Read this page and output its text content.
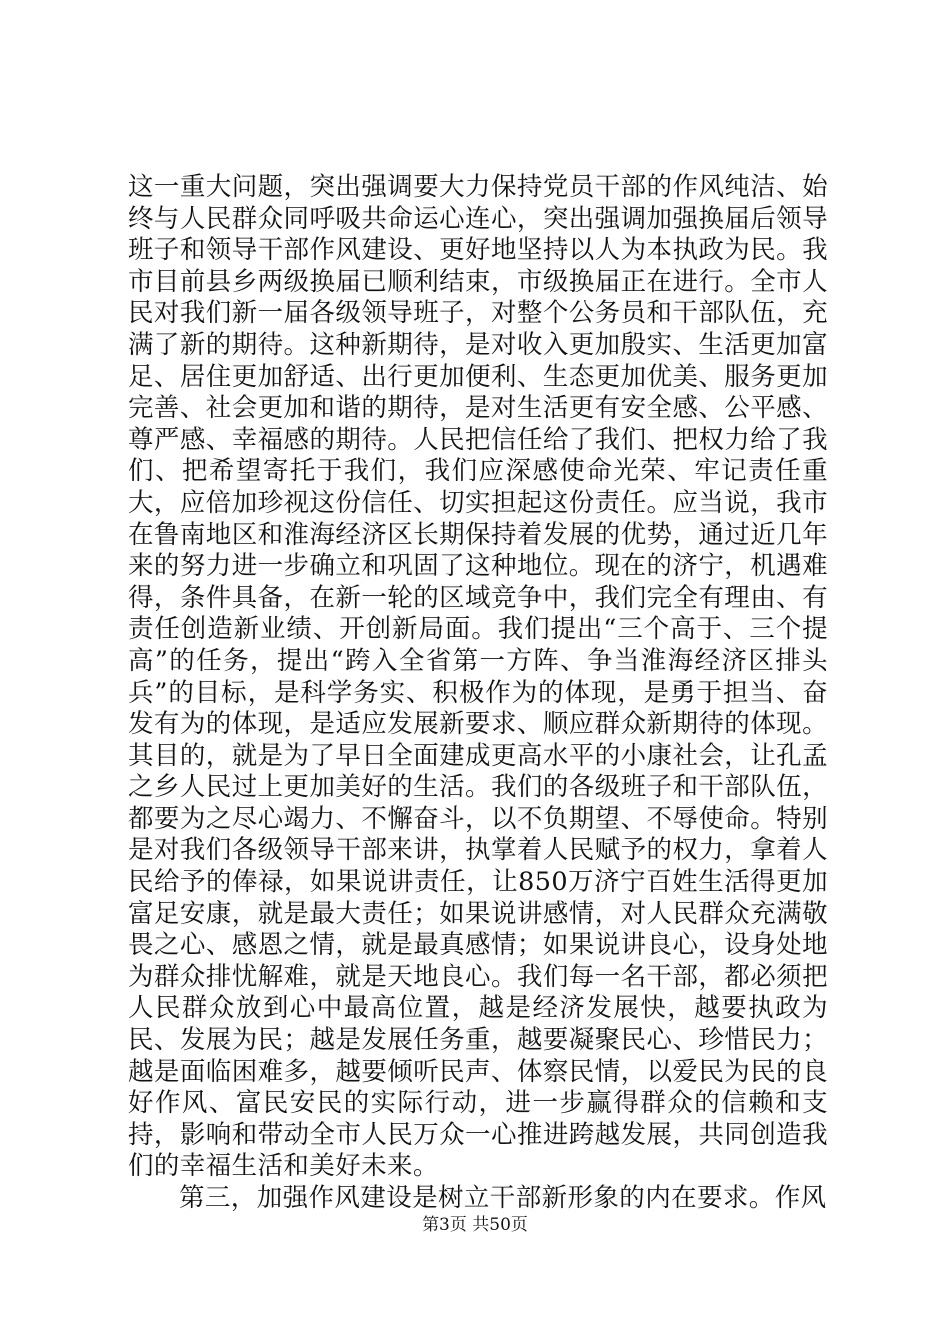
这一重大问题，突出强调要大力保持党员干部的作风纯洁、始终与人民群众同呼吸共命运心连心，突出强调加强换届后领导班子和领导干部作风建设、更好地坚持以人为本执政为民。我市目前县乡两级换届已顺利结束，市级换届正在进行。全市人民对我们新一届各级领导班子，对整个公务员和干部队伍，充满了新的期待。这种新期待，是对收入更加殷实、生活更加富足、居住更加舒适、出行更加便利、生态更加优美、服务更加完善、社会更加和谐的期待，是对生活更有安全感、公平感、尊严感、幸福感的期待。人民把信任给了我们、把权力给了我们、把希望寄托于我们，我们应深感使命光荣、牢记责任重大，应倍加珍视这份信任、切实担起这份责任。应当说，我市在鲁南地区和淮海经济区长期保持着发展的优势，通过近几年来的努力进一步确立和巩固了这种地位。现在的济宁，机遇难得，条件具备，在新一轮的区域竞争中，我们完全有理由、有责任创造新业绩、开创新局面。我们提出“三个高于、三个提高”的任务，提出“跨入全省第一方阵、争当淮海经济区排头兵”的目标，是科学务实、积极作为的体现，是勇于担当、奋发有为的体现，是适应发展新要求、顺应群众新期待的体现。其目的，就是为了早日全面建成更高水平的小康社会，让孔孟之乡人民过上更加美好的生活。我们的各级班子和干部队伍，都要为之尽心竭力、不懈奋斗，以不负期望、不辱使命。特别是对我们各级领导干部来讲，执掌着人民赋予的权力，拿着人民给予的俸禄，如果说讲责任，让850万济宁百姓生活得更加富足安康，就是最大责任；如果说讲感情，对人民群众充满敬畏之心、感恩之情，就是最真感情；如果说讲良心，设身处地为群众排忧解难，就是天地良心。我们每一名干部，都必须把人民群众放到心中最高位置，越是经济发展快，越要执政为民、发展为民；越是发展任务重，越要凝聚民心、珍惜民力；越是面临困难多，越要倾听民声、体察民情，以爱民为民的良好作风、富民安民的实际行动，进一步赢得群众的信赖和支持，影响和带动全市人民万众一心推进跨越发展，共同创造我们的幸福生活和美好未来。

第三，加强作风建设是树立干部新形象的内在要求。作风

第3页 共50页
